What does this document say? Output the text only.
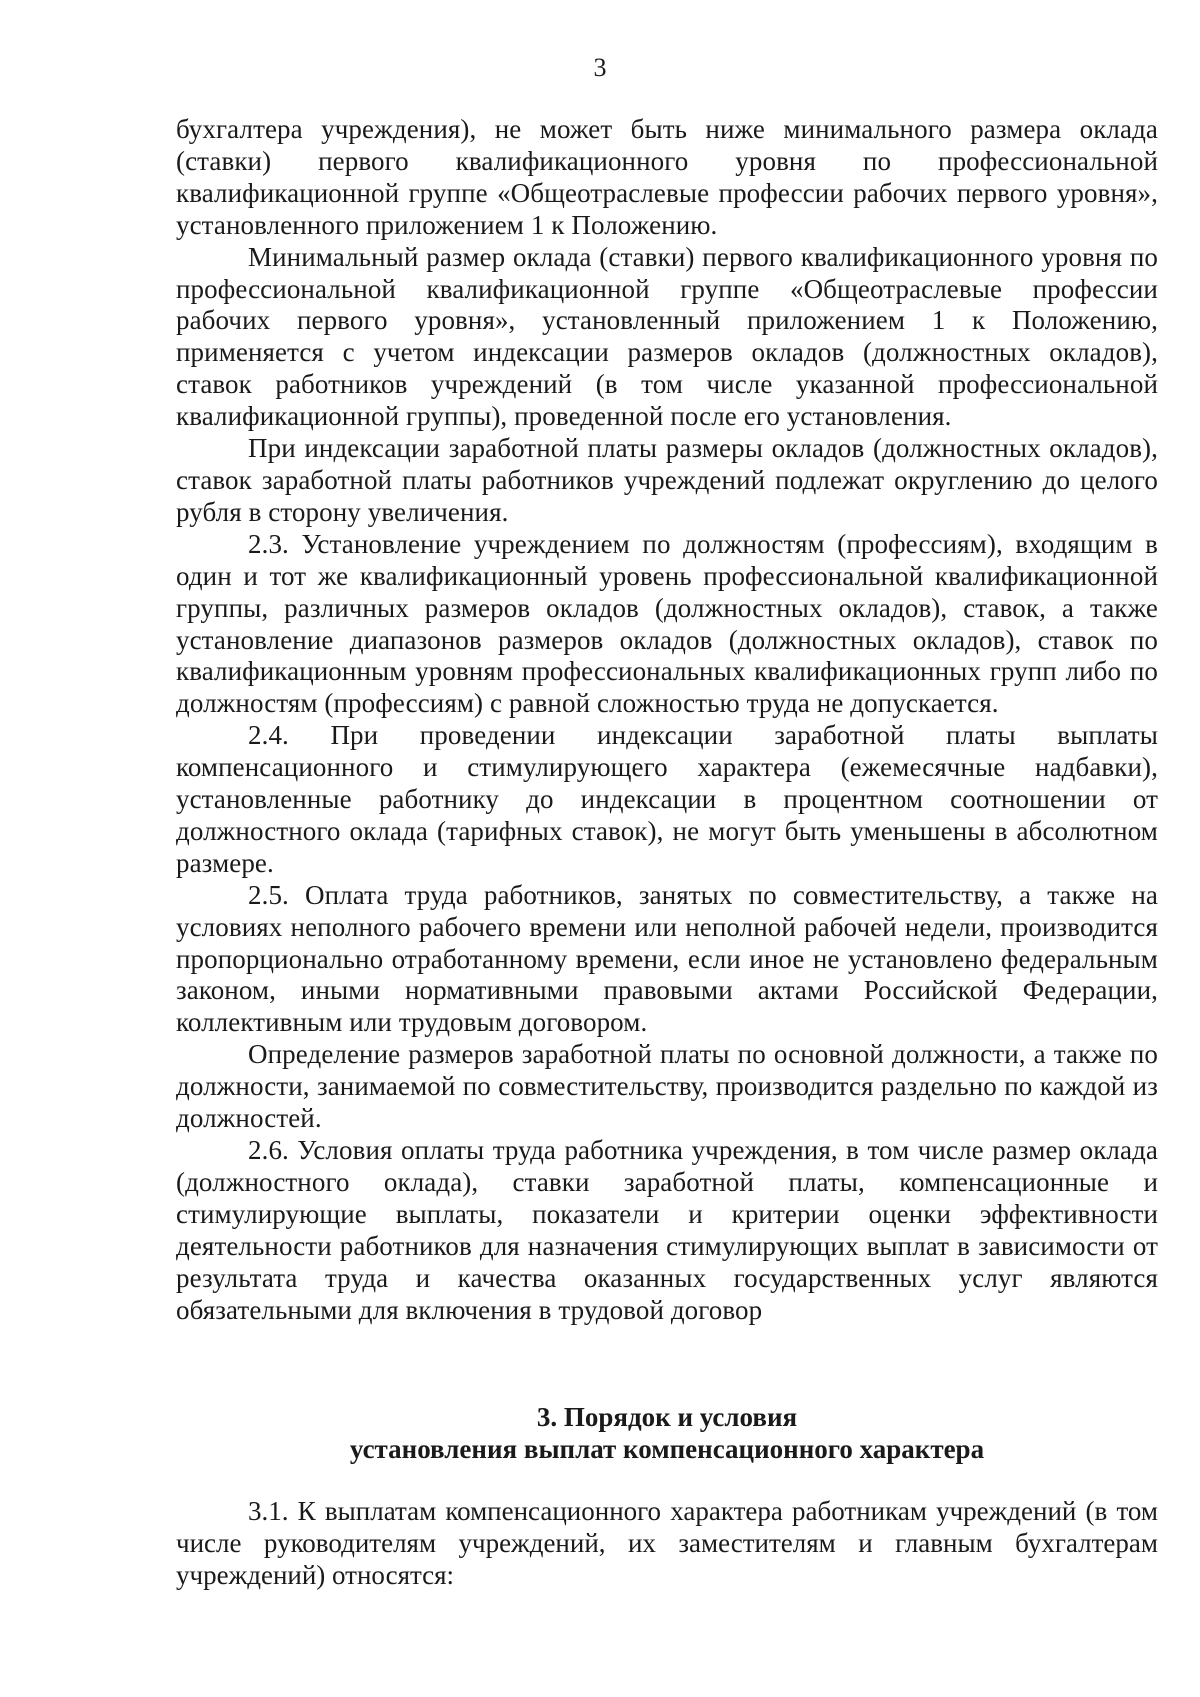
3

бухгалтера учреждения), не может быть ниже минимального размера оклада (ставки) первого квалификационного уровня по профессиональной квалификационной группе «Общеотраслевые профессии рабочих первого уровня», установленного приложением 1 к Положению.

Минимальный размер оклада (ставки) первого квалификационного уровня по профессиональной квалификационной группе «Общеотраслевые профессии рабочих первого уровня», установленный приложением 1 к Положению, применяется с учетом индексации размеров окладов (должностных окладов), ставок работников учреждений (в том числе указанной профессиональной квалификационной группы), проведенной после его установления.

При индексации заработной платы размеры окладов (должностных окладов), ставок заработной платы работников учреждений подлежат округлению до целого рубля в сторону увеличения.

2.3. Установление учреждением по должностям (профессиям), входящим в один и тот же квалификационный уровень профессиональной квалификационной группы, различных размеров окладов (должностных окладов), ставок, а также установление диапазонов размеров окладов (должностных окладов), ставок по квалификационным уровням профессиональных квалификационных групп либо по должностям (профессиям) с равной сложностью труда не допускается.

2.4. При проведении индексации заработной платы выплаты компенсационного и стимулирующего характера (ежемесячные надбавки), установленные работнику до индексации в процентном соотношении от должностного оклада (тарифных ставок), не могут быть уменьшены в абсолютном размере.

2.5. Оплата труда работников, занятых по совместительству, а также на условиях неполного рабочего времени или неполной рабочей недели, производится пропорционально отработанному времени, если иное не установлено федеральным законом, иными нормативными правовыми актами Российской Федерации, коллективным или трудовым договором.

Определение размеров заработной платы по основной должности, а также по должности, занимаемой по совместительству, производится раздельно по каждой из должностей.

2.6. Условия оплаты труда работника учреждения, в том числе размер оклада (должностного оклада), ставки заработной платы, компенсационные и стимулирующие выплаты, показатели и критерии оценки эффективности деятельности работников для назначения стимулирующих выплат в зависимости от результата труда и качества оказанных государственных услуг являются обязательными для включения в трудовой договор

3. Порядок и условия
установления выплат компенсационного характера

3.1. К выплатам компенсационного характера работникам учреждений (в том числе руководителям учреждений, их заместителям и главным бухгалтерам учреждений) относятся:
